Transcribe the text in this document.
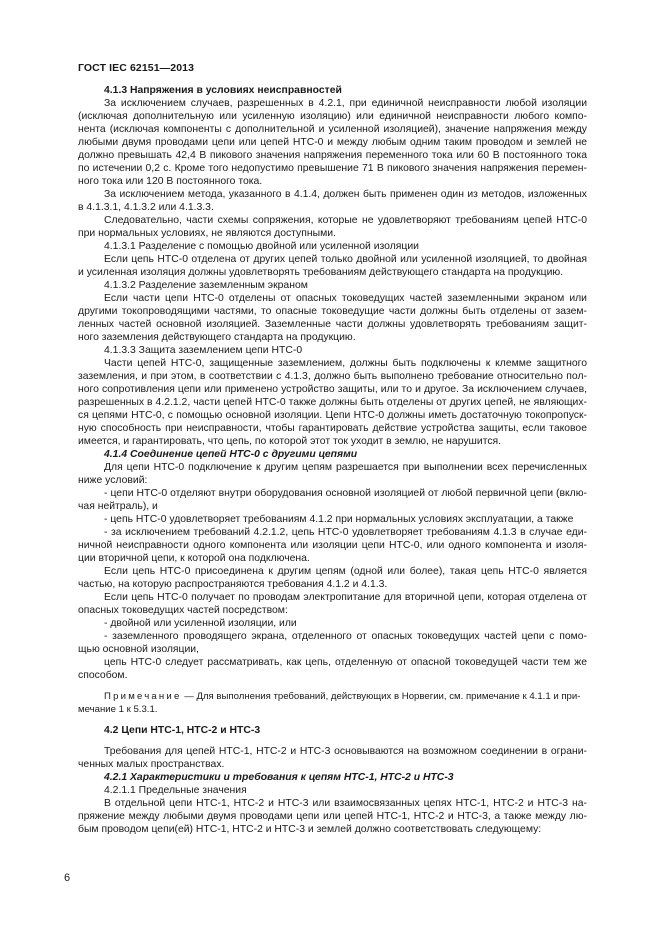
ГОСТ IEC 62151—2013
4.1.3 Напряжения в условиях неисправностей
За исключением случаев, разрешенных в 4.2.1, при единичной неисправности любой изоляции
(исключая дополнительную или усиленную изоляцию) или единичной неисправности любого компо-
нента (исключая компоненты с дополнительной и усиленной изоляцией), значение напряжения между
любыми двумя проводами цепи или цепей НТС-0 и между любым одним таким проводом и землей не
должно превышать 42,4 В пикового значения напряжения переменного тока или 60 В постоянного тока
по истечении 0,2 с. Кроме того недопустимо превышение 71 В пикового значения напряжения перемен-
ного тока или 120 В постоянного тока.
За исключением метода, указанного в 4.1.4, должен быть применен один из методов, изложенных
в 4.1.3.1, 4.1.3.2 или 4.1.3.3.
Следовательно, части схемы сопряжения, которые не удовлетворяют требованиям цепей НТС-0
при нормальных условиях, не являются доступными.
4.1.3.1 Разделение с помощью двойной или усиленной изоляции
Если цепь НТС-0 отделена от других цепей только двойной или усиленной изоляцией, то двойная
и усиленная изоляция должны удовлетворять требованиям действующего стандарта на продукцию.
4.1.3.2 Разделение заземленным экраном
Если части цепи НТС-0 отделены от опасных токоведущих частей заземленными экраном или
другими токопроводящими частями, то опасные токоведущие части должны быть отделены от зазем-
ленных частей основной изоляцией. Заземленные части должны удовлетворять требованиям защит-
ного заземления действующего стандарта на продукцию.
4.1.3.3 Защита заземлением цепи НТС-0
Части цепей НТС-0, защищенные заземлением, должны быть подключены к клемме защитного
заземления, и при этом, в соответствии с 4.1.3, должно быть выполнено требование относительно пол-
ного сопротивления цепи или применено устройство защиты, или то и другое. За исключением случаев,
разрешенных в 4.2.1.2, части цепей НТС-0 также должны быть отделены от других цепей, не являющих-
ся цепями НТС-0, с помощью основной изоляции. Цепи НТС-0 должны иметь достаточную токопропуск-
ную способность при неисправности, чтобы гарантировать действие устройства защиты, если таковое
имеется, и гарантировать, что цепь, по которой этот ток уходит в землю, не нарушится.
4.1.4 Соединение цепей НТС-0 с другими цепями
Для цепи НТС-0 подключение к другим цепям разрешается при выполнении всех перечисленных
ниже условий:
- цепи НТС-0 отделяют внутри оборудования основной изоляцией от любой первичной цепи (вклю-
чая нейтраль), и
- цепь НТС-0 удовлетворяет требованиям 4.1.2 при нормальных условиях эксплуатации, а также
- за исключением требований 4.2.1.2, цепь НТС-0 удовлетворяет требованиям 4.1.3 в случае еди-
ничной неисправности одного компонента или изоляции цепи НТС-0, или одного компонента и изоля-
ции вторичной цепи, к которой она подключена.
Если цепь НТС-0 присоединена к другим цепям (одной или более), такая цепь НТС-0 является
частью, на которую распространяются требования 4.1.2 и 4.1.3.
Если цепь НТС-0 получает по проводам электропитание для вторичной цепи, которая отделена от
опасных токоведущих частей посредством:
- двойной или усиленной изоляции, или
- заземленного проводящего экрана, отделенного от опасных токоведущих частей цепи с помо-
щью основной изоляции,
цепь НТС-0 следует рассматривать, как цепь, отделенную от опасной токоведущей части тем же
способом.
Примечание — Для выполнения требований, действующих в Норвегии, см. примечание к 4.1.1 и при-
мечание 1 к 5.3.1.
4.2 Цепи НТС-1, НТС-2 и НТС-3
Требования для цепей НТС-1, НТС-2 и НТС-3 основываются на возможном соединении в ограни-
ченных малых пространствах.
4.2.1 Характеристики и требования к цепям НТС-1, НТС-2 и НТС-3
4.2.1.1 Предельные значения
В отдельной цепи НТС-1, НТС-2 и НТС-3 или взаимосвязанных цепях НТС-1, НТС-2 и НТС-3 на-
пряжение между любыми двумя проводами цепи или цепей НТС-1, НТС-2 и НТС-3, а также между лю-
бым проводом цепи(ей) НТС-1, НТС-2 и НТС-3 и землей должно соответствовать следующему:
6
